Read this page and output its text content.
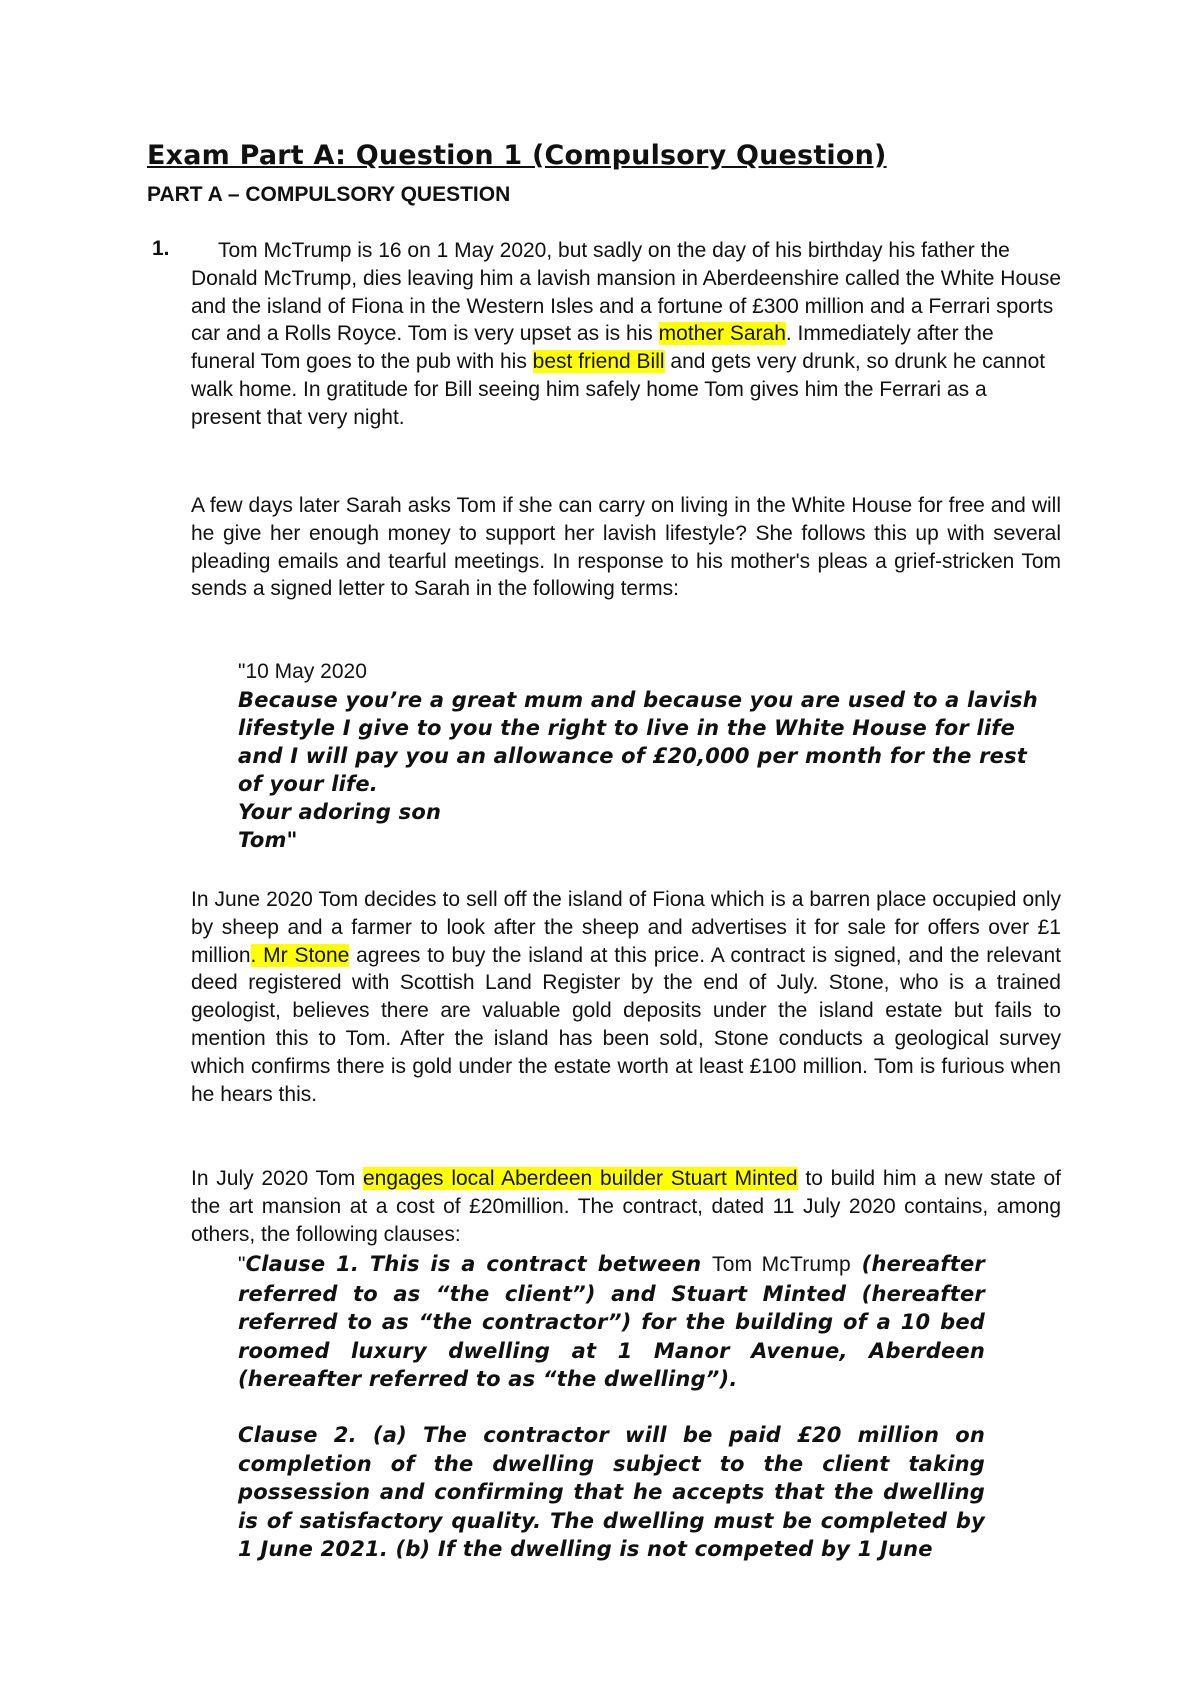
Exam Part A: Question 1 (Compulsory Question)
PART A – COMPULSORY QUESTION
1.	Tom McTrump is 16 on 1 May 2020, but sadly on the day of his birthday his father the Donald McTrump, dies leaving him a lavish mansion in Aberdeenshire called the White House and the island of Fiona in the Western Isles and a fortune of £300 million and a Ferrari sports car and a Rolls Royce. Tom is very upset as is his mother Sarah. Immediately after the funeral Tom goes to the pub with his best friend Bill and gets very drunk, so drunk he cannot walk home. In gratitude for Bill seeing him safely home Tom gives him the Ferrari as a present that very night.
A few days later Sarah asks Tom if she can carry on living in the White House for free and will he give her enough money to support her lavish lifestyle? She follows this up with several pleading emails and tearful meetings. In response to his mother's pleas a grief-stricken Tom sends a signed letter to Sarah in the following terms:
"10 May 2020
Because you’re a great mum and because you are used to a lavish
lifestyle I give to you the right to live in the White House for life
and I will pay you an allowance of £20,000 per month for the rest
of your life.
Your adoring son
Tom"
In June 2020 Tom decides to sell off the island of Fiona which is a barren place occupied only by sheep and a farmer to look after the sheep and advertises it for sale for offers over £1 million. Mr Stone agrees to buy the island at this price. A contract is signed, and the relevant deed registered with Scottish Land Register by the end of July. Stone, who is a trained geologist, believes there are valuable gold deposits under the island estate but fails to mention this to Tom. After the island has been sold, Stone conducts a geological survey which confirms there is gold under the estate worth at least £100 million. Tom is furious when he hears this.
In July 2020 Tom engages local Aberdeen builder Stuart Minted to build him a new state of the art mansion at a cost of £20million. The contract, dated 11 July 2020 contains, among others, the following clauses:
"Clause 1. This is a contract between Tom McTrump (hereafter referred to as “the client”) and Stuart Minted (hereafter referred to as “the contractor”) for the building of a 10 bed roomed luxury dwelling at 1 Manor Avenue, Aberdeen (hereafter referred to as “the dwelling”).
Clause 2. (a) The contractor will be paid £20 million on completion of the dwelling subject to the client taking possession and confirming that he accepts that the dwelling is of satisfactory quality. The dwelling must be completed by 1 June 2021. (b) If the dwelling is not competed by 1 June
